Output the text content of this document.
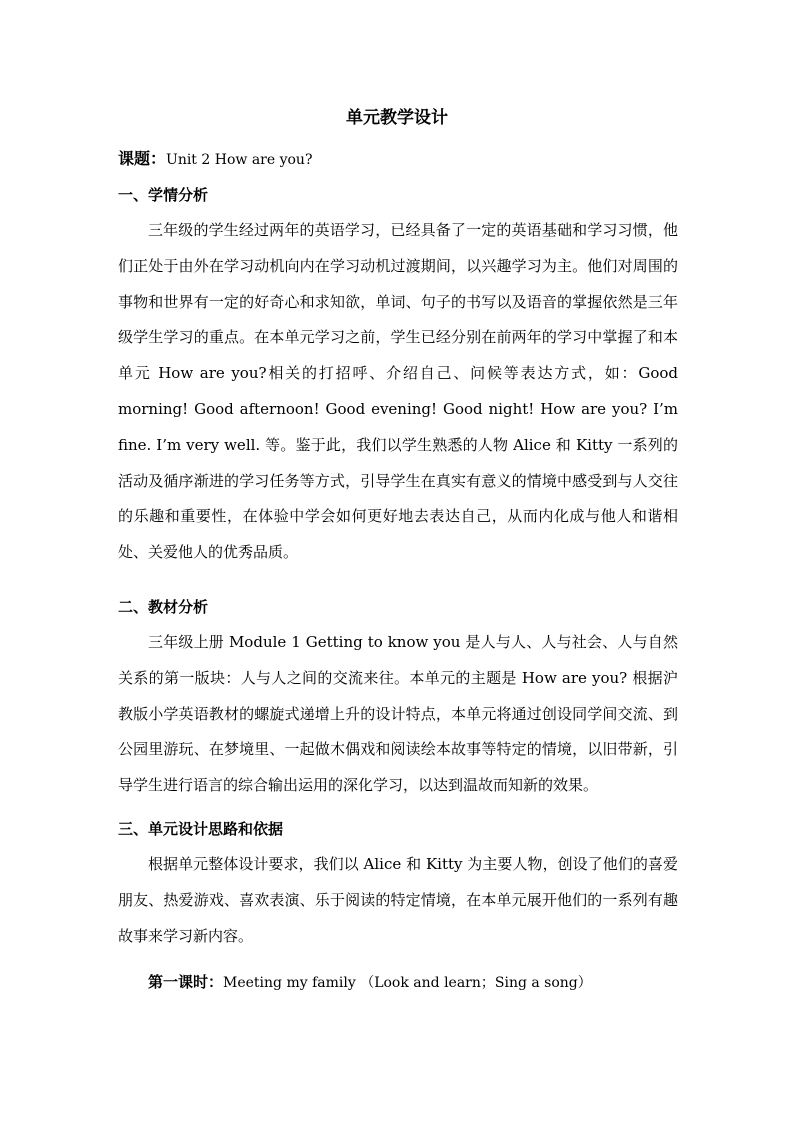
单元教学设计
课题：Unit 2 How are you?
一、学情分析

三年级的学生经过两年的英语学习，已经具备了一定的英语基础和学习习惯，他们正处于由外在学习动机向内在学习动机过渡期间，以兴趣学习为主。他们对周围的事物和世界有一定的好奇心和求知欲，单词、句子的书写以及语音的掌握依然是三年级学生学习的重点。在本单元学习之前，学生已经分别在前两年的学习中掌握了和本单元 How are you?相关的打招呼、介绍自己、问候等表达方式，如：Good morning! Good afternoon! Good evening! Good night! How are you? I’m fine. I’m very well. 等。鉴于此，我们以学生熟悉的人物 Alice 和 Kitty 一系列的活动及循序渐进的学习任务等方式，引导学生在真实有意义的情境中感受到与人交往的乐趣和重要性，在体验中学会如何更好地去表达自己，从而内化成与他人和谐相处、关爱他人的优秀品质。

二、教材分析

三年级上册 Module 1 Getting to know you 是人与人、人与社会、人与自然关系的第一版块：人与人之间的交流来往。本单元的主题是 How are you? 根据沪教版小学英语教材的螺旋式递增上升的设计特点，本单元将通过创设同学间交流、到公园里游玩、在梦境里、一起做木偶戏和阅读绘本故事等特定的情境，以旧带新，引导学生进行语言的综合输出运用的深化学习，以达到温故而知新的效果。

三、单元设计思路和依据

根据单元整体设计要求，我们以 Alice 和 Kitty 为主要人物，创设了他们的喜爱朋友、热爱游戏、喜欢表演、乐于阅读的特定情境，在本单元展开他们的一系列有趣故事来学习新内容。

第一课时：Meeting my family （Look and learn；Sing a song）
